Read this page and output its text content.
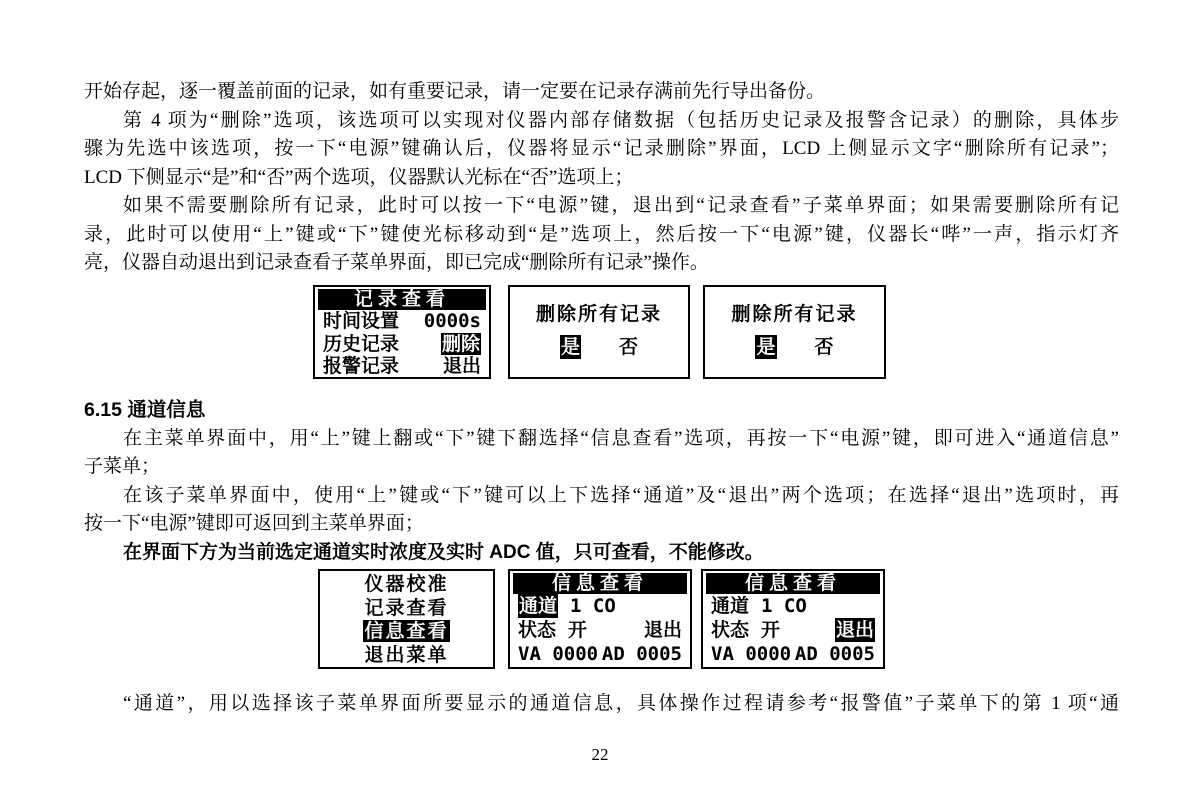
开始存起，逐一覆盖前面的记录，如有重要记录，请一定要在记录存满前先行导出备份。
第 4 项为“删除”选项，该选项可以实现对仪器内部存储数据（包括历史记录及报警含记录）的删除，具体步
骤为先选中该选项，按一下“电源”键确认后，仪器将显示“记录删除”界面，LCD 上侧显示文字“删除所有记录”；
LCD 下侧显示“是”和“否”两个选项，仪器默认光标在“否”选项上；
如果不需要删除所有记录，此时可以按一下“电源”键，退出到“记录查看”子菜单界面；如果需要删除所有记
录，此时可以使用“上”键或“下”键使光标移动到“是”选项上，然后按一下“电源”键，仪器长“哔”一声，指示灯齐
亮，仪器自动退出到记录查看子菜单界面，即已完成“删除所有记录”操作。
记录查看
时间设置 0000s
历史记录 删除
报警记录 退出
删除所有记录
是 否
删除所有记录
是 否
6.15 通道信息
在主菜单界面中，用“上”键上翻或“下”键下翻选择“信息查看”选项，再按一下“电源”键，即可进入“通道信息”
子菜单；
在该子菜单界面中，使用“上”键或“下”键可以上下选择“通道”及“退出”两个选项；在选择“退出”选项时，再
按一下“电源”键即可返回到主菜单界面；
在界面下方为当前选定通道实时浓度及实时 ADC 值，只可查看，不能修改。
仪器校准
记录查看
信息查看
退出菜单
信息查看
通道 1 CO
状态 开	退出
VA 0000 AD 0005
信息查看
通道 1 CO
状态 开	退出
VA 0000 AD 0005
“通道”，用以选择该子菜单界面所要显示的通道信息，具体操作过程请参考“报警值”子菜单下的第 1 项“通
22
